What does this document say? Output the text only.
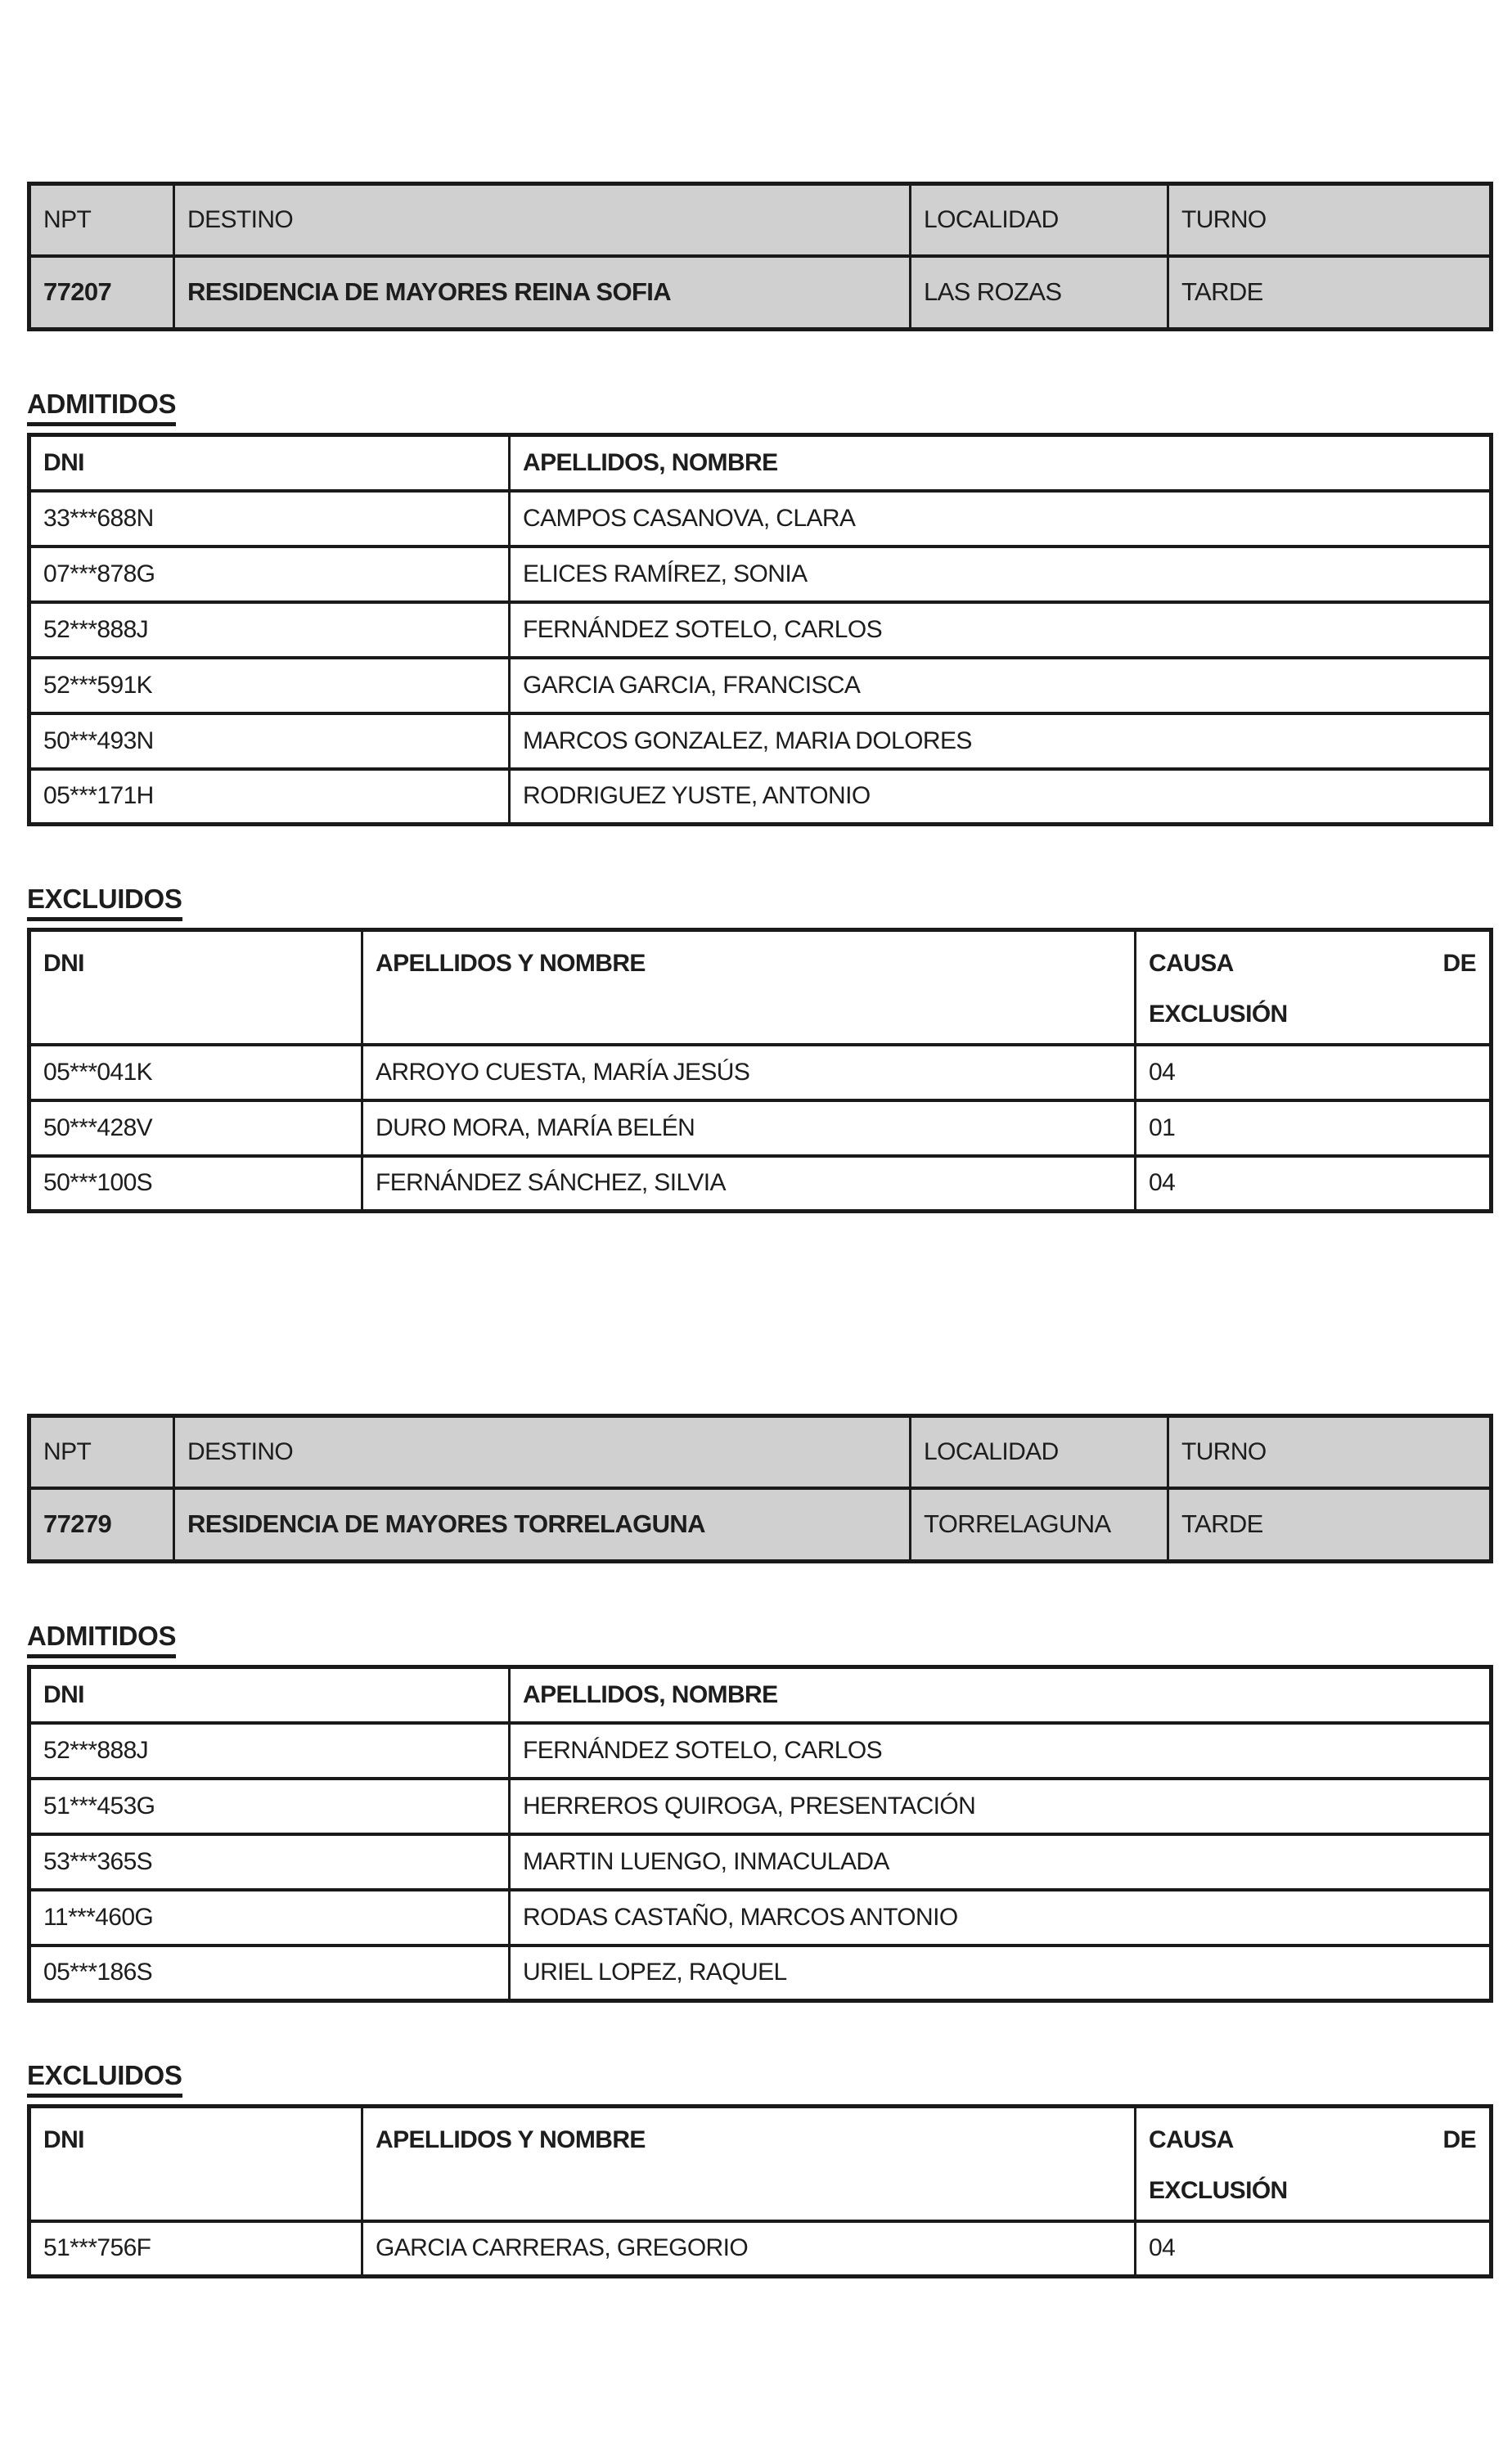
NPT	DESTINO	LOCALIDAD	TURNO
77207	RESIDENCIA DE MAYORES REINA SOFIA	LAS ROZAS	TARDE
ADMITIDOS
DNI	APELLIDOS, NOMBRE
33***688N	CAMPOS CASANOVA, CLARA
07***878G	ELICES RAMÍREZ, SONIA
52***888J	FERNÁNDEZ SOTELO, CARLOS
52***591K	GARCIA GARCIA, FRANCISCA
50***493N	MARCOS GONZALEZ, MARIA DOLORES
05***171H	RODRIGUEZ YUSTE, ANTONIO
EXCLUIDOS
DNI	APELLIDOS Y NOMBRE	CAUSA DE
EXCLUSIÓN

05***041K	ARROYO CUESTA, MARÍA JESÚS	04
50***428V	DURO MORA, MARÍA BELÉN	01
50***100S	FERNÁNDEZ SÁNCHEZ, SILVIA	04
NPT	DESTINO	LOCALIDAD	TURNO
77279	RESIDENCIA DE MAYORES TORRELAGUNA	TORRELAGUNA	TARDE
ADMITIDOS
DNI	APELLIDOS, NOMBRE
52***888J	FERNÁNDEZ SOTELO, CARLOS
51***453G	HERREROS QUIROGA, PRESENTACIÓN
53***365S	MARTIN LUENGO, INMACULADA
11***460G	RODAS CASTAÑO, MARCOS ANTONIO
05***186S	URIEL LOPEZ, RAQUEL
EXCLUIDOS
DNI	APELLIDOS Y NOMBRE	CAUSA DE
EXCLUSIÓN

51***756F	GARCIA CARRERAS, GREGORIO	04
